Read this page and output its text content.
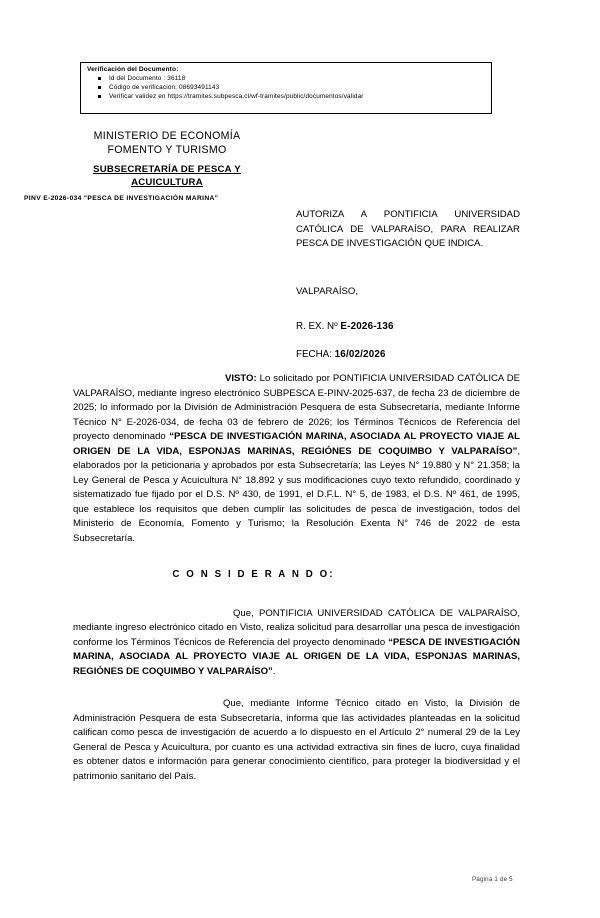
Verificación del Documento:
Id del Documento : 36118
Código de verificación: 08693491143
Verificar validez en https://tramites.subpesca.cl/wf-tramites/public/documentos/validar
MINISTERIO DE ECONOMÍA
FOMENTO Y TURISMO
SUBSECRETARÍA DE PESCA Y
ACUICULTURA
PINV E-2026-034 "PESCA DE INVESTIGACIÓN MARINA"
AUTORIZA A PONTIFICIA UNIVERSIDAD CATÓLICA DE VALPARAÍSO, PARA REALIZAR PESCA DE INVESTIGACIÓN QUE INDICA.
VALPARAÍSO,
R. EX. Nº E-2026-136
FECHA: 16/02/2026

VISTO: Lo solicitado por PONTIFICIA UNIVERSIDAD CATÓLICA DE VALPARAÍSO, mediante ingreso electrónico SUBPESCA E-PINV-2025-637, de fecha 23 de diciembre de 2025; lo informado por la División de Administración Pesquera de esta Subsecretaría, mediante Informe Técnico N° E-2026-034, de fecha 03 de febrero de 2026; los Términos Técnicos de Referencia del proyecto denominado “PESCA DE INVESTIGACIÓN MARINA, ASOCIADA AL PROYECTO VIAJE AL ORIGEN DE LA VIDA, ESPONJAS MARINAS, REGIÓNES DE COQUIMBO Y VALPARAÍSO”, elaborados por la peticionaria y aprobados por esta Subsecretaría; las Leyes N° 19.880 y N° 21.358; la Ley General de Pesca y Acuicultura N° 18.892 y sus modificaciones cuyo texto refundido, coordinado y sistematizado fue fijado por el D.S. Nº 430, de 1991, el D.F.L. N° 5, de 1983, el D.S. Nº 461, de 1995, que establece los requisitos que deben cumplir las solicitudes de pesca de investigación, todos del Ministerio de Economía, Fomento y Turismo; la Resolución Exenta N° 746 de 2022 de esta Subsecretaría.

C O N S I D E R A N D O:

Que, PONTIFICIA UNIVERSIDAD CATÓLICA DE VALPARAÍSO, mediante ingreso electrónico citado en Visto, realiza solicitud para desarrollar una pesca de investigación conforme los Términos Técnicos de Referencia del proyecto denominado “PESCA DE INVESTIGACIÓN MARINA, ASOCIADA AL PROYECTO VIAJE AL ORIGEN DE LA VIDA, ESPONJAS MARINAS, REGIÓNES DE COQUIMBO Y VALPARAÍSO”.

Que, mediante Informe Técnico citado en Visto, la División de Administración Pesquera de esta Subsecretaría, informa que las actividades planteadas en la solicitud califican como pesca de investigación de acuerdo a lo dispuesto en el Artículo 2° numeral 29 de la Ley General de Pesca y Acuicultura, por cuanto es una actividad extractiva sin fines de lucro, cuya finalidad es obtener datos e información para generar conocimiento científico, para proteger la biodiversidad y el patrimonio sanitario del País.

Página 1 de 5
